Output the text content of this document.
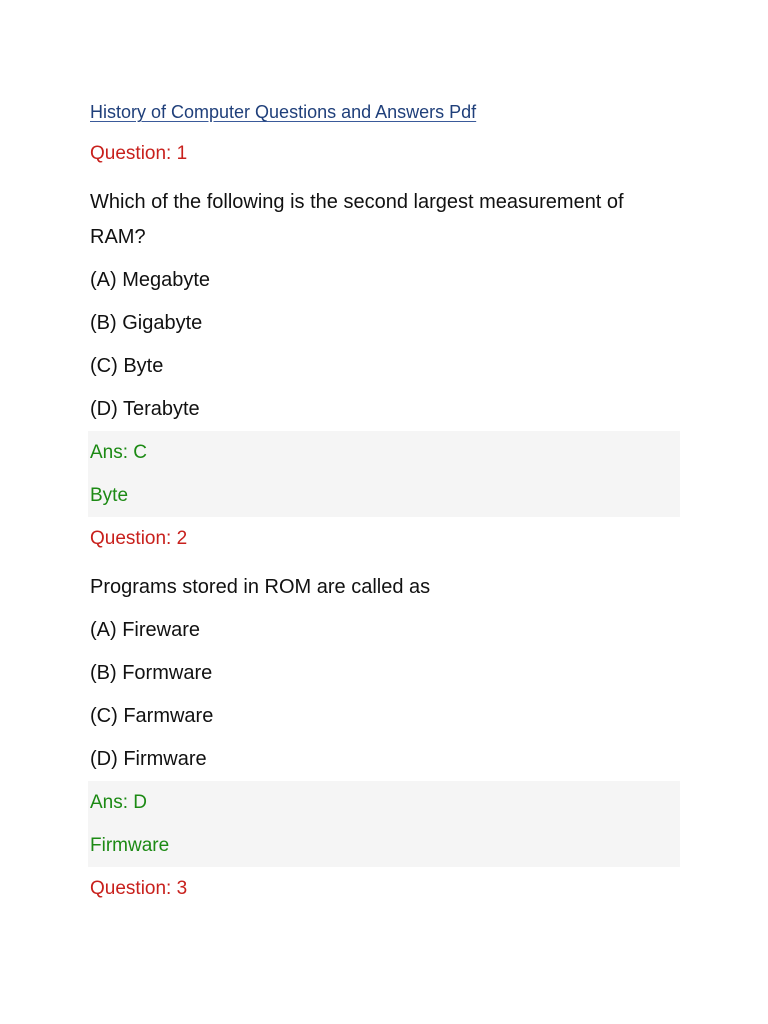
History of Computer Questions and Answers Pdf

Question: 1

Which of the following is the second largest measurement of RAM?

(A) Megabyte

(B) Gigabyte

(C) Byte

(D) Terabyte

Ans: C

Byte

Question: 2

Programs stored in ROM are called as

(A) Fireware

(B) Formware

(C) Farmware

(D) Firmware

Ans: D

Firmware

Question: 3
